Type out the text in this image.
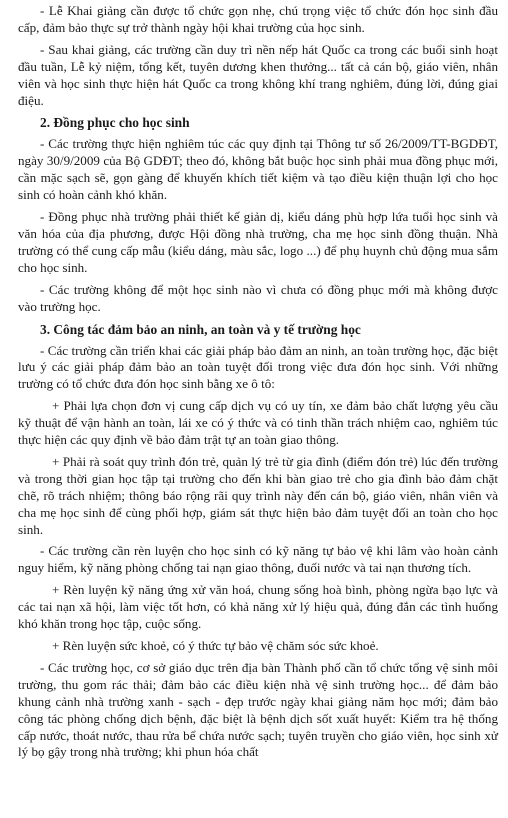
- Lễ Khai giảng cần được tổ chức gọn nhẹ, chú trọng việc tổ chức đón học sinh đầu cấp, đảm bảo thực sự trở thành ngày hội khai trường của học sinh.

- Sau khai giảng, các trường cần duy trì nền nếp hát Quốc ca trong các buổi sinh hoạt đầu tuần, Lễ kỷ niệm, tổng kết, tuyên dương khen thưởng... tất cả cán bộ, giáo viên, nhân viên và học sinh thực hiện hát Quốc ca trong không khí trang nghiêm, đúng lời, đúng giai điệu.

2. Đồng phục cho học sinh

- Các trường thực hiện nghiêm túc các quy định tại Thông tư số 26/2009/TT-BGDĐT, ngày 30/9/2009 của Bộ GDĐT; theo đó, không bắt buộc học sinh phải mua đồng phục mới, cần mặc sạch sẽ, gọn gàng để khuyến khích tiết kiệm và tạo điều kiện thuận lợi cho học sinh có hoàn cảnh khó khăn.

- Đồng phục nhà trường phải thiết kế giản dị, kiểu dáng phù hợp lứa tuổi học sinh và văn hóa của địa phương, được Hội đồng nhà trường, cha mẹ học sinh đồng thuận. Nhà trường có thể cung cấp mẫu (kiểu dáng, màu sắc, logo ...) để phụ huynh chủ động mua sắm cho học sinh.

- Các trường không để một học sinh nào vì chưa có đồng phục mới mà không được vào trường học.

3. Công tác đảm bảo an ninh, an toàn và y tế trường học

- Các trường cần triển khai các giải pháp bảo đảm an ninh, an toàn trường học, đặc biệt lưu ý các giải pháp đảm bảo an toàn tuyệt đối trong việc đưa đón học sinh. Với những trường có tổ chức đưa đón học sinh bằng xe ô tô:

+ Phải lựa chọn đơn vị cung cấp dịch vụ có uy tín, xe đảm bảo chất lượng yêu cầu kỹ thuật để vận hành an toàn, lái xe có ý thức và có tinh thần trách nhiệm cao, nghiêm túc thực hiện các quy định về bảo đảm trật tự an toàn giao thông.

+ Phải rà soát quy trình đón trẻ, quản lý trẻ từ gia đình (điểm đón trẻ) lúc đến trường và trong thời gian học tập tại trường cho đến khi bàn giao trẻ cho gia đình bảo đảm chặt chẽ, rõ trách nhiệm; thông báo rộng rãi quy trình này đến cán bộ, giáo viên, nhân viên và cha mẹ học sinh để cùng phối hợp, giám sát thực hiện bảo đảm tuyệt đối an toàn cho học sinh.

- Các trường cần rèn luyện cho học sinh có kỹ năng tự bảo vệ khi lâm vào hoàn cảnh nguy hiểm, kỹ năng phòng chống tai nạn giao thông, đuối nước và tai nạn thương tích.

+ Rèn luyện kỹ năng ứng xử văn hoá, chung sống hoà bình, phòng ngừa bạo lực và các tai nạn xã hội, làm việc tốt hơn, có khả năng xử lý hiệu quả, đúng đắn các tình huống khó khăn trong học tập, cuộc sống.

+ Rèn luyện sức khoẻ, có ý thức tự bảo vệ chăm sóc sức khoẻ.

- Các trường học, cơ sở giáo dục trên địa bàn Thành phố cần tổ chức tổng vệ sinh môi trường, thu gom rác thải; đảm bảo các điều kiện nhà vệ sinh trường học... để đảm bảo khung cảnh nhà trường xanh - sạch - đẹp trước ngày khai giảng năm học mới; đảm bảo công tác phòng chống dịch bệnh, đặc biệt là bệnh dịch sốt xuất huyết: Kiểm tra hệ thống cấp nước, thoát nước, thau rửa bể chứa nước sạch; tuyên truyền cho giáo viên, học sinh xử lý bọ gậy trong nhà trường; khi phun hóa chất
